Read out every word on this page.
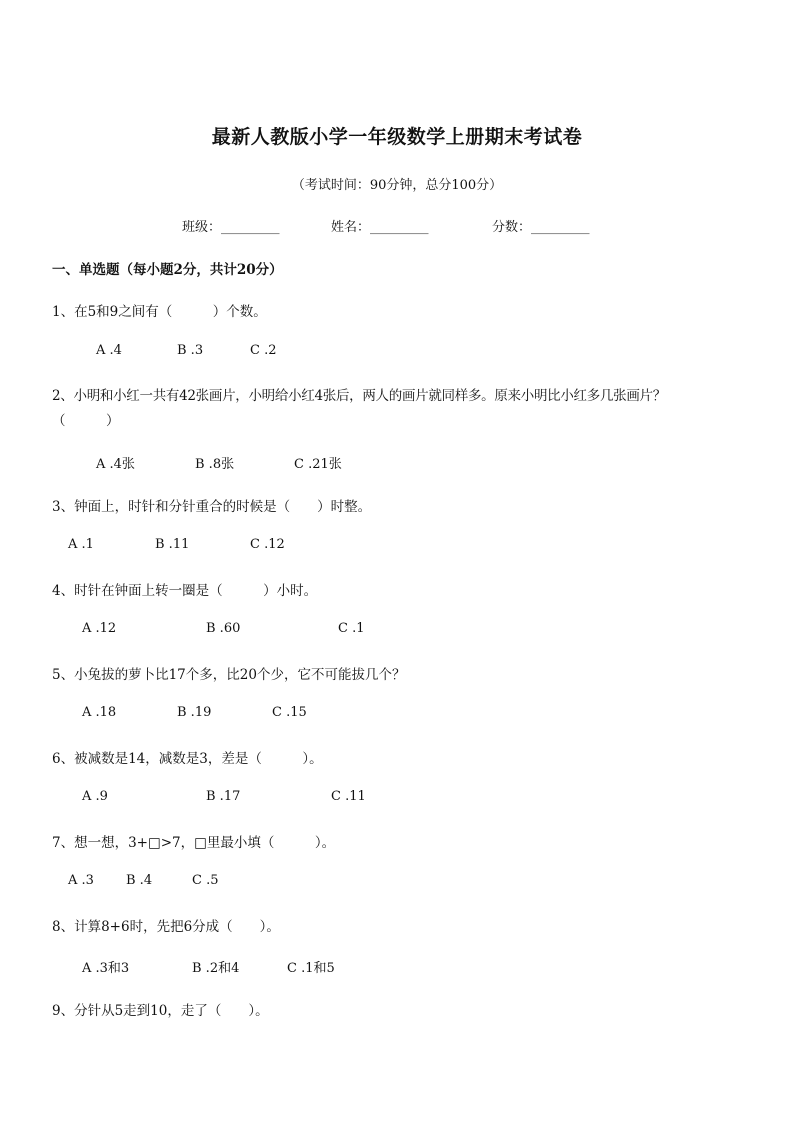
最新人教版小学一年级数学上册期末考试卷
（考试时间：90分钟，总分100分）
班级：_________	姓名：_________	分数：_________
一、单选题（每小题2分，共计20分）
1、在5和9之间有（　　　）个数。
A .4	B .3	C .2
2、小明和小红一共有42张画片，小明给小红4张后，两人的画片就同样多。原来小明比小红多几张画片？
（　　　）
A .4张	B .8张	C .21张
3、钟面上，时针和分针重合的时候是（　　）时整。
A .1	B .11	C .12
4、时针在钟面上转一圈是（　　　）小时。
A .12	B .60	C .1
5、小兔拔的萝卜比17个多，比20个少，它不可能拔几个？
A .18	B .19	C .15
6、被减数是14，减数是3，差是（　　　）。
A .9	B .17	C .11
7、想一想，3+□>7，□里最小填（　　　）。
A .3 B .4	C .5
8、计算8+6时，先把6分成（　　）。
A .3和3	B .2和4	C .1和5
9、分针从5走到10，走了（　　）。
